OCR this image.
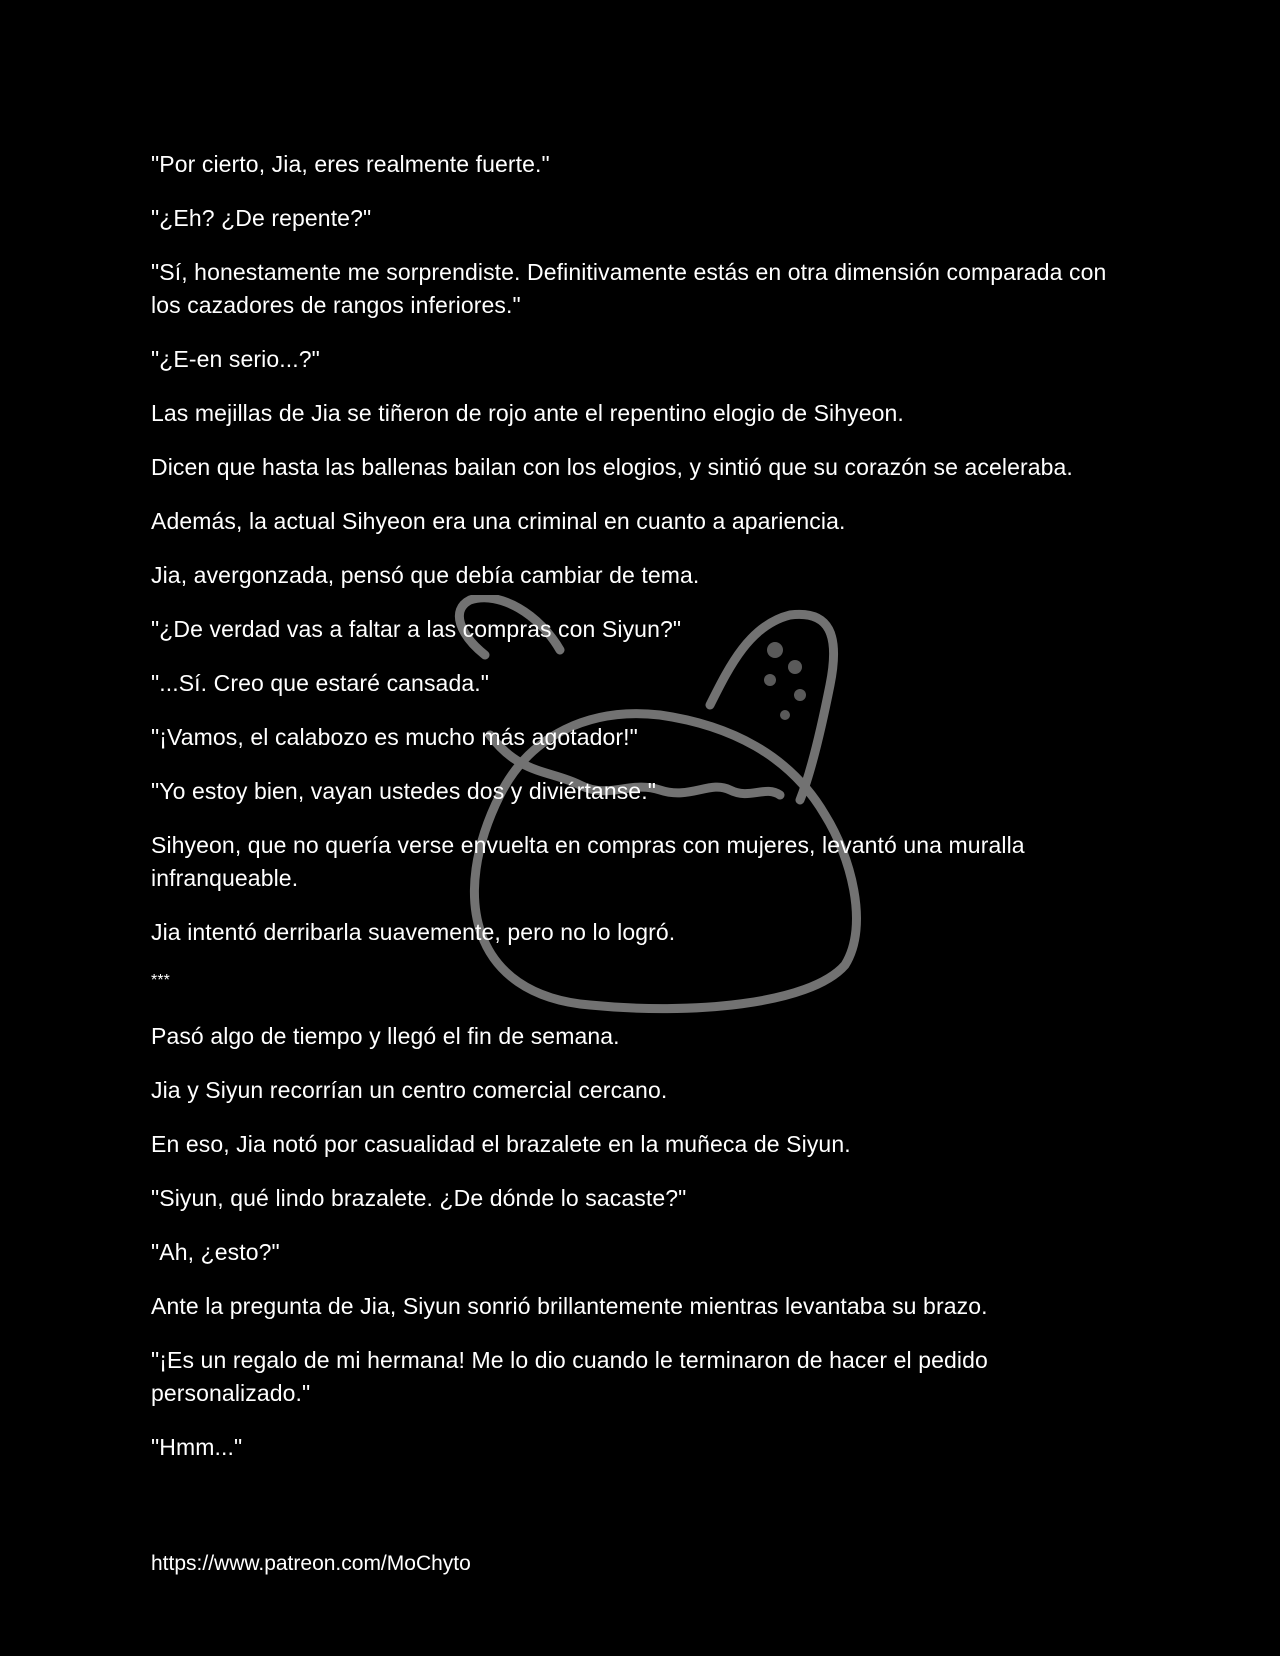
"Por cierto, Jia, eres realmente fuerte."

"¿Eh? ¿De repente?"

"Sí, honestamente me sorprendiste. Definitivamente estás en otra dimensión comparada con los cazadores de rangos inferiores."

"¿E-en serio...?"

Las mejillas de Jia se tiñeron de rojo ante el repentino elogio de Sihyeon.

Dicen que hasta las ballenas bailan con los elogios, y sintió que su corazón se aceleraba.

Además, la actual Sihyeon era una criminal en cuanto a apariencia.

Jia, avergonzada, pensó que debía cambiar de tema.

"¿De verdad vas a faltar a las compras con Siyun?"

"...Sí. Creo que estaré cansada."

"¡Vamos, el calabozo es mucho más agotador!"

"Yo estoy bien, vayan ustedes dos y diviértanse."

Sihyeon, que no quería verse envuelta en compras con mujeres, levantó una muralla infranqueable.

Jia intentó derribarla suavemente, pero no lo logró.

***

Pasó algo de tiempo y llegó el fin de semana.

Jia y Siyun recorrían un centro comercial cercano.

En eso, Jia notó por casualidad el brazalete en la muñeca de Siyun.

"Siyun, qué lindo brazalete. ¿De dónde lo sacaste?"

"Ah, ¿esto?"

Ante la pregunta de Jia, Siyun sonrió brillantemente mientras levantaba su brazo.

"¡Es un regalo de mi hermana! Me lo dio cuando le terminaron de hacer el pedido personalizado."

"Hmm..."

https://www.patreon.com/MoChyto
